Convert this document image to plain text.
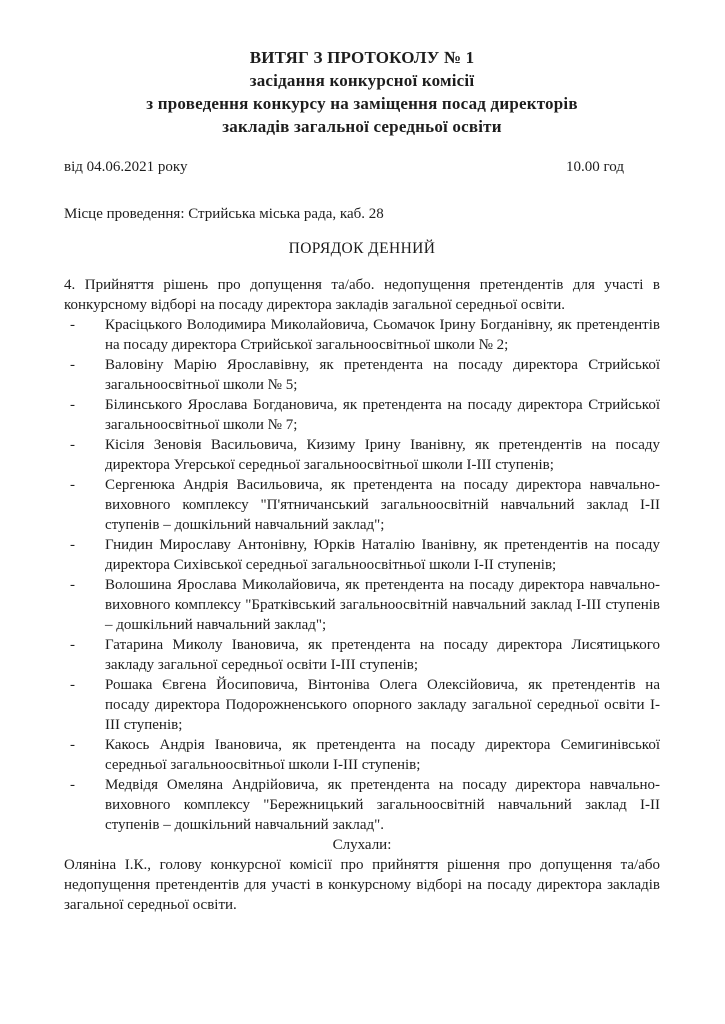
ВИТЯГ З ПРОТОКОЛУ № 1
засідання конкурсної комісії
з проведення конкурсу на заміщення посад директорів
закладів загальної середньої освіти
від 04.06.2021 року	10.00 год

Місце проведення: Стрийська міська рада, каб. 28

ПОРЯДОК ДЕННИЙ

4. Прийняття рішень про допущення та/або. недопущення претендентів для участі в конкурсному відборі на посаду директора закладів загальної середньої освіти.

-	Красіцького Володимира Миколайовича, Сьомачок Ірину Богданівну, як претендентів на посаду директора Стрийської загальноосвітньої школи № 2;
-	Валовіну Марію Ярославівну, як претендента на посаду директора Стрийської загальноосвітньої школи № 5;
-	Білинського Ярослава Богдановича, як претендента на посаду директора Стрийської загальноосвітньої школи № 7;
-	Кісіля Зеновія Васильовича, Кизиму Ірину Іванівну, як претендентів на посаду директора Угерської середньої загальноосвітньої школи І-ІІІ ступенів;
-	Сергенюка Андрія Васильовича, як претендента на посаду директора навчально-виховного комплексу "П'ятничанський загальноосвітній навчальний заклад І-ІІ ступенів – дошкільний навчальний заклад";
-	Гнидин Мирославу Антонівну, Юрків Наталію Іванівну, як претендентів на посаду директора Сихівської середньої загальноосвітньої школи І-ІІ ступенів;
-	Волошина Ярослава Миколайовича, як претендента на посаду директора навчально-виховного комплексу "Братківський загальноосвітній навчальний заклад І-ІІІ ступенів – дошкільний навчальний заклад";
-	Гатарина Миколу Івановича, як претендента на посаду директора Лисятицького закладу загальної середньої освіти І-ІІІ ступенів;
-	Рошака Євгена Йосиповича, Вінтоніва Олега Олексійовича, як претендентів на посаду директора Подорожненського опорного закладу загальної середньої освіти І-ІІІ ступенів;
-	Какось Андрія Івановича, як претендента на посаду директора Семигинівської середньої загальноосвітньої школи І-ІІІ ступенів;
-	Медвідя Омеляна Андрійовича, як претендента на посаду директора навчально-виховного комплексу "Бережницький загальноосвітній навчальний заклад І-ІІ ступенів – дошкільний навчальний заклад".

Слухали:

Оляніна І.К., голову конкурсної комісії про прийняття рішення про допущення та/або недопущення претендентів для участі в конкурсному відборі на посаду директора закладів загальної середньої освіти.
